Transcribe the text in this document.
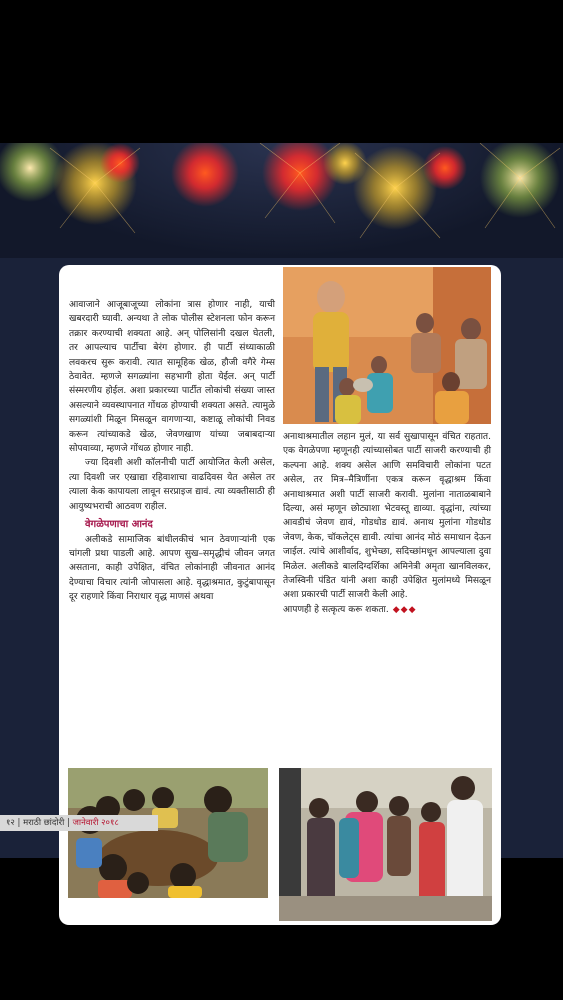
आवाजाने आजूबाजूच्या लोकांना त्रास होणार नाही, याची खबरदारी घ्यावी. अन्यथा ते लोक पोलीस स्टेशनला फोन करून तक्रार करण्याची शक्यता आहे. अन् पोलिसांनी दखल घेतली, तर आपल्याच पार्टीचा बेरंग होणार. ही पार्टी संध्याकाळी लवकरच सुरू करावी. त्यात सामूहिक खेळ, हौजी वगैरे गेम्स ठेवावेत. म्हणजे सगळ्यांना सहभागी होता येईल. अन् पार्टी संस्मरणीय होईल. अशा प्रकारच्या पार्टीत लोकांची संख्या जास्त असल्याने व्यवस्थापनात गोंधळ होण्याची शक्यता असते. त्यामुळे सगळ्यांशी मिळून मिसळून वागणाऱ्या, कष्टाळू लोकांची निवड करून त्यांच्याकडे खेळ, जेवणखाण यांच्या जबाबदाऱ्या सोपवाव्या, म्हणजे गोंधळ होणार नाही.

ज्या दिवशी अशी कॉलनीची पार्टी आयोजित केली असेल, त्या दिवशी जर एखाद्या रहिवाशाचा वाढदिवस येत असेल तर त्याला केक कापायला लावून सरप्राइज द्यावं. त्या व्यक्तीसाठी ही आयुष्यभराची आठवण राहील.

वेगळेपणाचा आनंद

अलीकडे सामाजिक बांधीलकीचं भान ठेवणाऱ्यांनी एक चांगली प्रथा पाडली आहे. आपण सुख–समृद्धीचं जीवन जगत असताना, काही उपेक्षित, वंचित लोकांनाही जीवनात आनंद देण्याचा विचार त्यांनी जोपासला आहे. वृद्धाश्रमात, कुटुंबापासून दूर राहणारे किंवा निराधार वृद्ध माणसं अथवा

अनाथाश्रमातील लहान मुलं, या सर्व सुखापासून वंचित राहतात. एक वेगळेपणा म्हणूनही त्यांच्यासोबत पार्टी साजरी करण्याची ही कल्पना आहे. शक्य असेल आणि समविचारी लोकांना पटत असेल, तर मित्र–मैत्रिणींना एकत्र करून वृद्धाश्रम किंवा अनाथाश्रमात अशी पार्टी साजरी करावी. मुलांना नाताळबाबाने दिल्या, असं म्हणून छोट्याशा भेटवस्तू द्याव्या. वृद्धांना, त्यांच्या आवडीचं जेवण द्यावं, गोडधोड द्यावं. अनाथ मुलांना गोडधोड जेवण, केक, चॉकलेट्स द्यावी. त्यांचा आनंद मोठं समाधान देऊन जाईल. त्यांचे आशीर्वाद, शुभेच्छा, सदिच्छांमधून आपल्याला दुवा मिळेल. अलीकडे बालदिग्दर्शिका अमिनेत्री अमृता खानविलकर, तेजस्विनी पंडित यांनी अशा काही उपेक्षित मुलांमध्ये मिसळून अशा प्रकारची पार्टी साजरी केली आहे.

आपणही हे सत्कृत्य करू शकता. ◆◆◆

१२ | मराठी छांदोरी | जानेवारी २०१८
